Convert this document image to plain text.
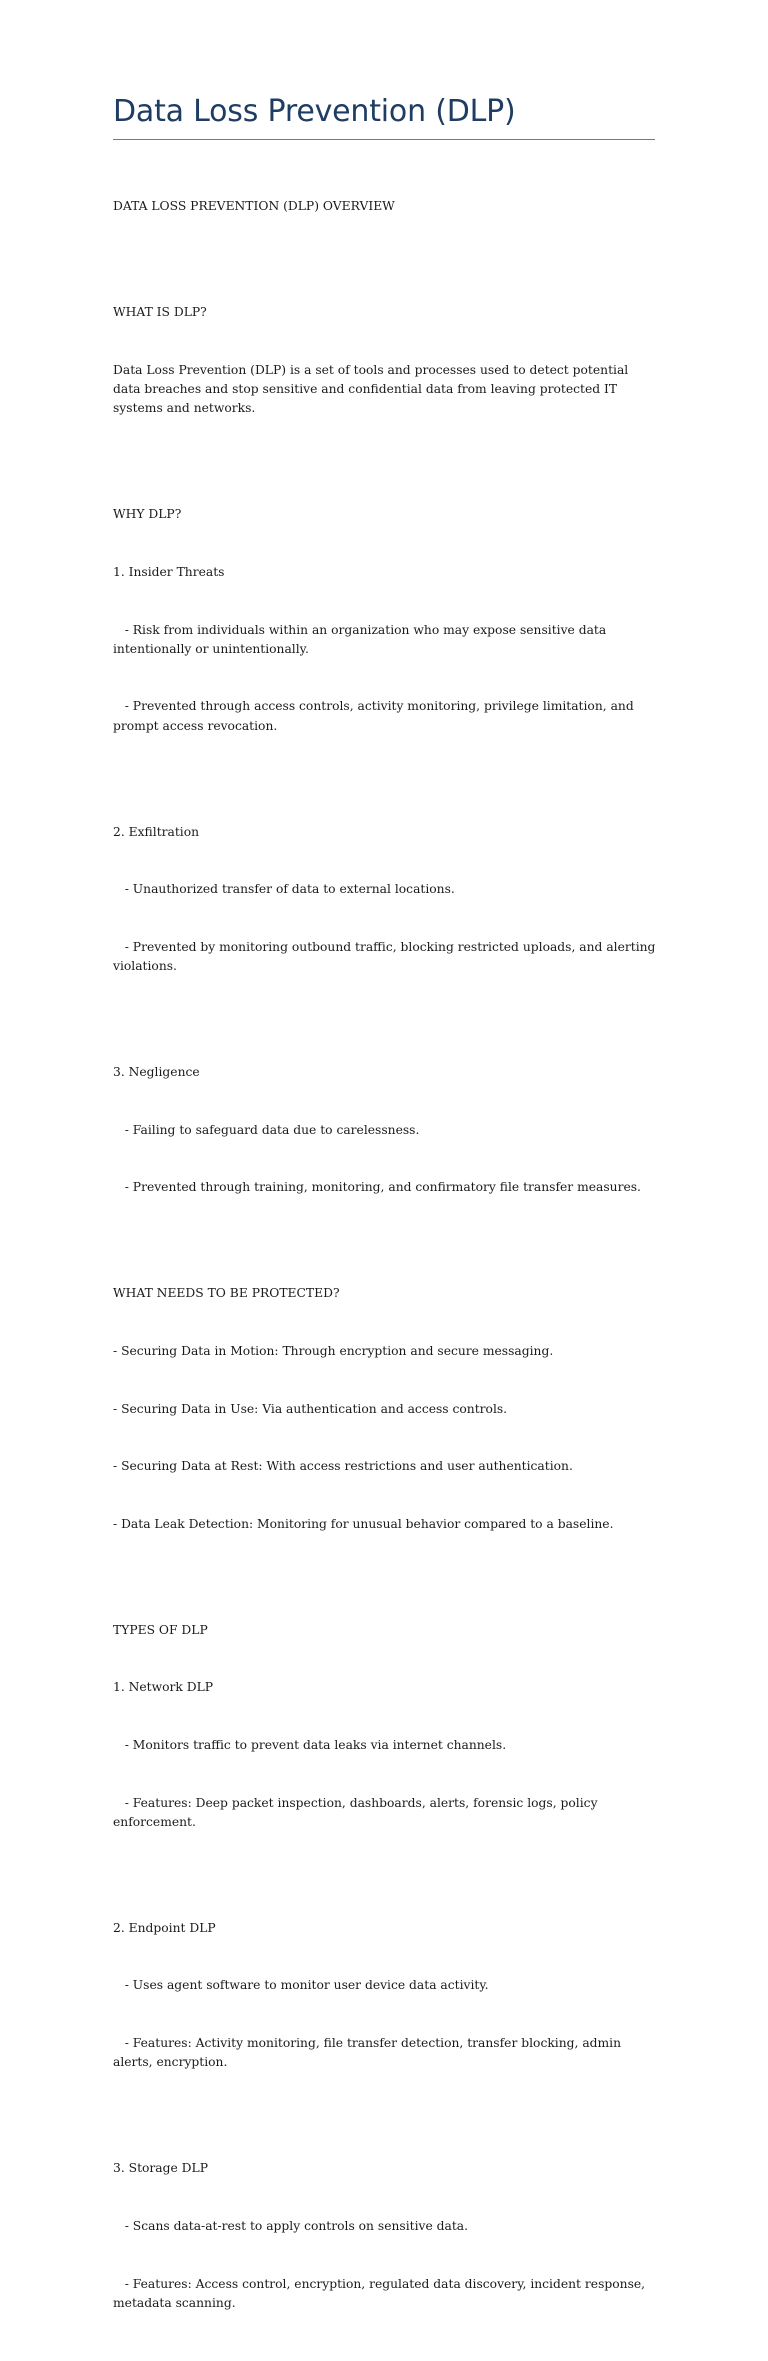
Data Loss Prevention (DLP)

DATA LOSS PREVENTION (DLP) OVERVIEW

WHAT IS DLP?

Data Loss Prevention (DLP) is a set of tools and processes used to detect potential data breaches and stop sensitive and confidential data from leaving protected IT systems and networks.

WHY DLP?

1. Insider Threats

- Risk from individuals within an organization who may expose sensitive data intentionally or unintentionally.

- Prevented through access controls, activity monitoring, privilege limitation, and prompt access revocation.

2. Exfiltration

- Unauthorized transfer of data to external locations.

- Prevented by monitoring outbound traffic, blocking restricted uploads, and alerting violations.

3. Negligence

- Failing to safeguard data due to carelessness.

- Prevented through training, monitoring, and confirmatory file transfer measures.

WHAT NEEDS TO BE PROTECTED?

- Securing Data in Motion: Through encryption and secure messaging.

- Securing Data in Use: Via authentication and access controls.

- Securing Data at Rest: With access restrictions and user authentication.

- Data Leak Detection: Monitoring for unusual behavior compared to a baseline.

TYPES OF DLP

1. Network DLP

- Monitors traffic to prevent data leaks via internet channels.

- Features: Deep packet inspection, dashboards, alerts, forensic logs, policy enforcement.

2. Endpoint DLP

- Uses agent software to monitor user device data activity.

- Features: Activity monitoring, file transfer detection, transfer blocking, admin alerts, encryption.

3. Storage DLP

- Scans data-at-rest to apply controls on sensitive data.

- Features: Access control, encryption, regulated data discovery, incident response, metadata scanning.
